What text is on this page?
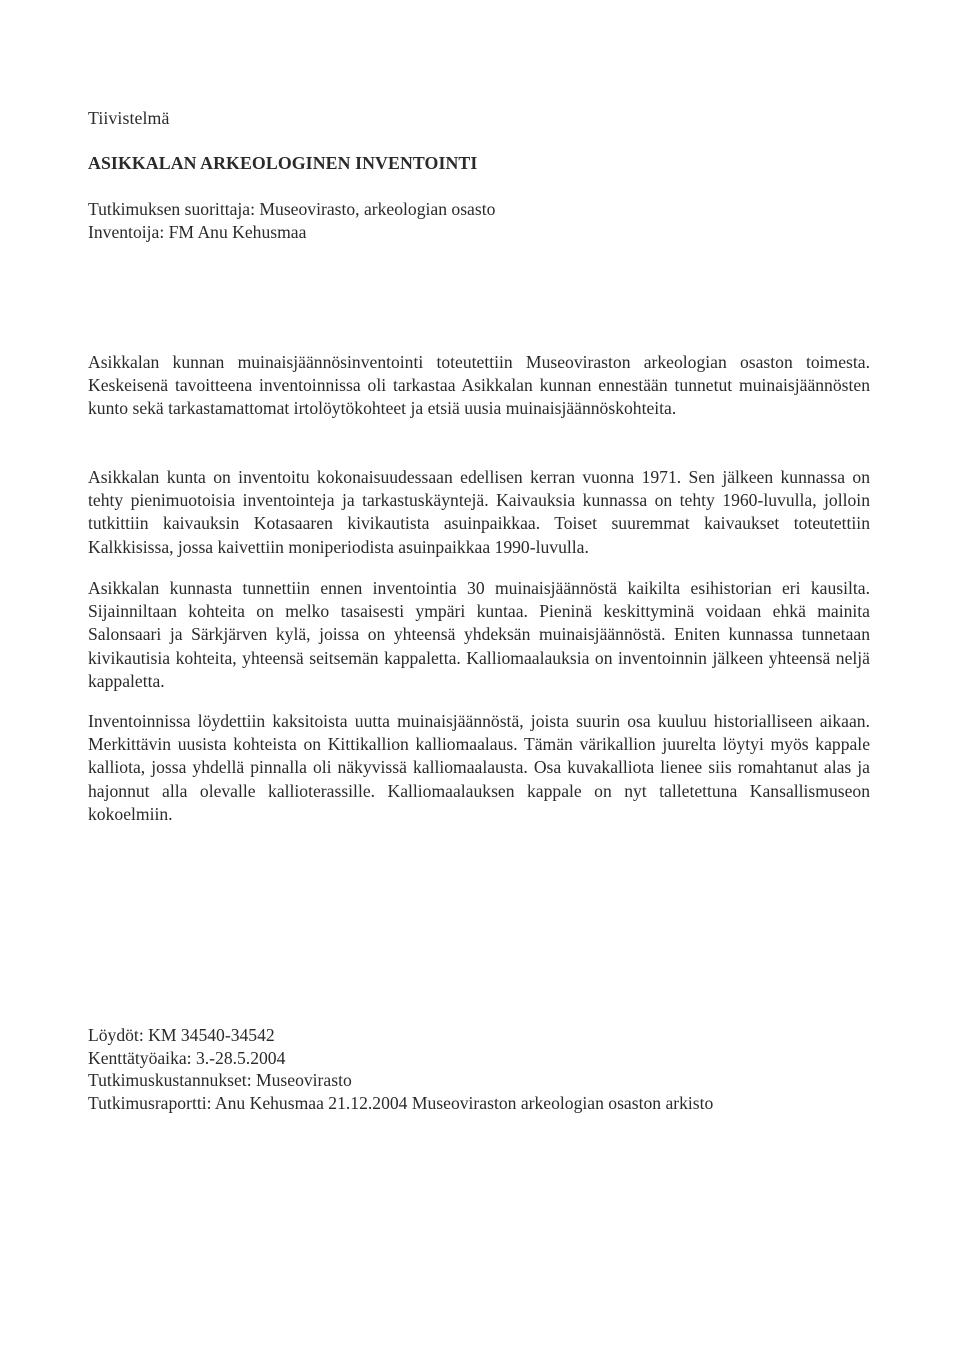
Tiivistelmä
ASIKKALAN ARKEOLOGINEN INVENTOINTI
Tutkimuksen suorittaja: Museovirasto, arkeologian osasto
Inventoija: FM Anu Kehusmaa

Asikkalan kunnan muinaisjäännösinventointi toteutettiin Museoviraston arkeologian osaston toimesta. Keskeisenä tavoitteena inventoinnissa oli tarkastaa Asikkalan kunnan ennestään tunnetut muinaisjäännösten kunto sekä tarkastamattomat irtolöytökohteet ja etsiä uusia muinaisjäännöskohteita.

Asikkalan kunta on inventoitu kokonaisuudessaan edellisen kerran vuonna 1971. Sen jälkeen kunnassa on tehty pienimuotoisia inventointeja ja tarkastuskäyntejä. Kaivauksia kunnassa on tehty 1960-luvulla, jolloin tutkittiin kaivauksin Kotasaaren kivikautista asuinpaikkaa. Toiset suuremmat kaivaukset toteutettiin Kalkkisissa, jossa kaivettiin moniperiodista asuinpaikkaa 1990-luvulla.

Asikkalan kunnasta tunnettiin ennen inventointia 30 muinaisjäännöstä kaikilta esihistorian eri kausilta. Sijainniltaan kohteita on melko tasaisesti ympäri kuntaa. Pieninä keskittyminä voidaan ehkä mainita Salonsaari ja Särkjärven kylä, joissa on yhteensä yhdeksän muinaisjäännöstä. Eniten kunnassa tunnetaan kivikautisia kohteita, yhteensä seitsemän kappaletta. Kalliomaalauksia on inventoinnin jälkeen yhteensä neljä kappaletta.

Inventoinnissa löydettiin kaksitoista uutta muinaisjäännöstä, joista suurin osa kuuluu historialliseen aikaan. Merkittävin uusista kohteista on Kittikallion kalliomaalaus. Tämän värikallion juurelta löytyi myös kappale kalliota, jossa yhdellä pinnalla oli näkyvissä kalliomaalausta. Osa kuvakalliota lienee siis romahtanut alas ja hajonnut alla olevalle kallioterassille. Kalliomaalauksen kappale on nyt talletettuna Kansallismuseon kokoelmiin.

Löydöt: KM 34540-34542
Kenttätyöaika: 3.-28.5.2004
Tutkimuskustannukset: Museovirasto
Tutkimusraportti: Anu Kehusmaa 21.12.2004 Museoviraston arkeologian osaston arkisto
